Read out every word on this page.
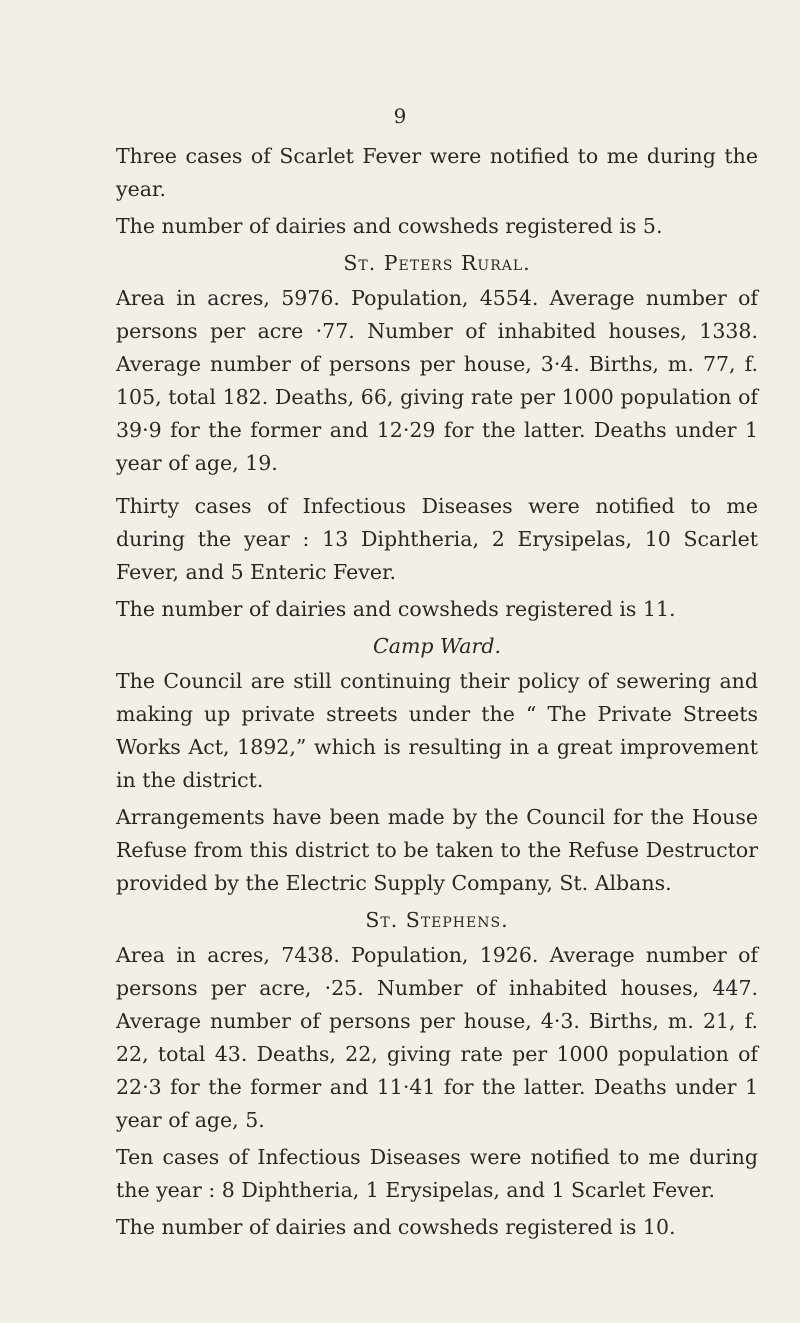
9

Three cases of Scarlet Fever were notified to me during the year.

The number of dairies and cowsheds registered is 5.

St. Peters Rural.

Area in acres, 5976. Population, 4554. Average number of persons per acre ·77. Number of inhabited houses, 1338. Average number of persons per house, 3·4. Births, m. 77, f. 105, total 182. Deaths, 66, giving rate per 1000 population of 39·9 for the former and 12·29 for the latter. Deaths under 1 year of age, 19.

Thirty cases of Infectious Diseases were notified to me during the year : 13 Diphtheria, 2 Erysipelas, 10 Scarlet Fever, and 5 Enteric Fever.

The number of dairies and cowsheds registered is 11.

Camp Ward.

The Council are still continuing their policy of sewering and making up private streets under the “ The Private Streets Works Act, 1892,” which is resulting in a great improvement in the district.

Arrangements have been made by the Council for the House Refuse from this district to be taken to the Refuse Destructor provided by the Electric Supply Company, St. Albans.

St. Stephens.

Area in acres, 7438. Population, 1926. Average number of persons per acre, ·25. Number of inhabited houses, 447. Average number of persons per house, 4·3. Births, m. 21, f. 22, total 43. Deaths, 22, giving rate per 1000 population of 22·3 for the former and 11·41 for the latter. Deaths under 1 year of age, 5.

Ten cases of Infectious Diseases were notified to me during the year : 8 Diphtheria, 1 Erysipelas, and 1 Scarlet Fever.

The number of dairies and cowsheds registered is 10.
